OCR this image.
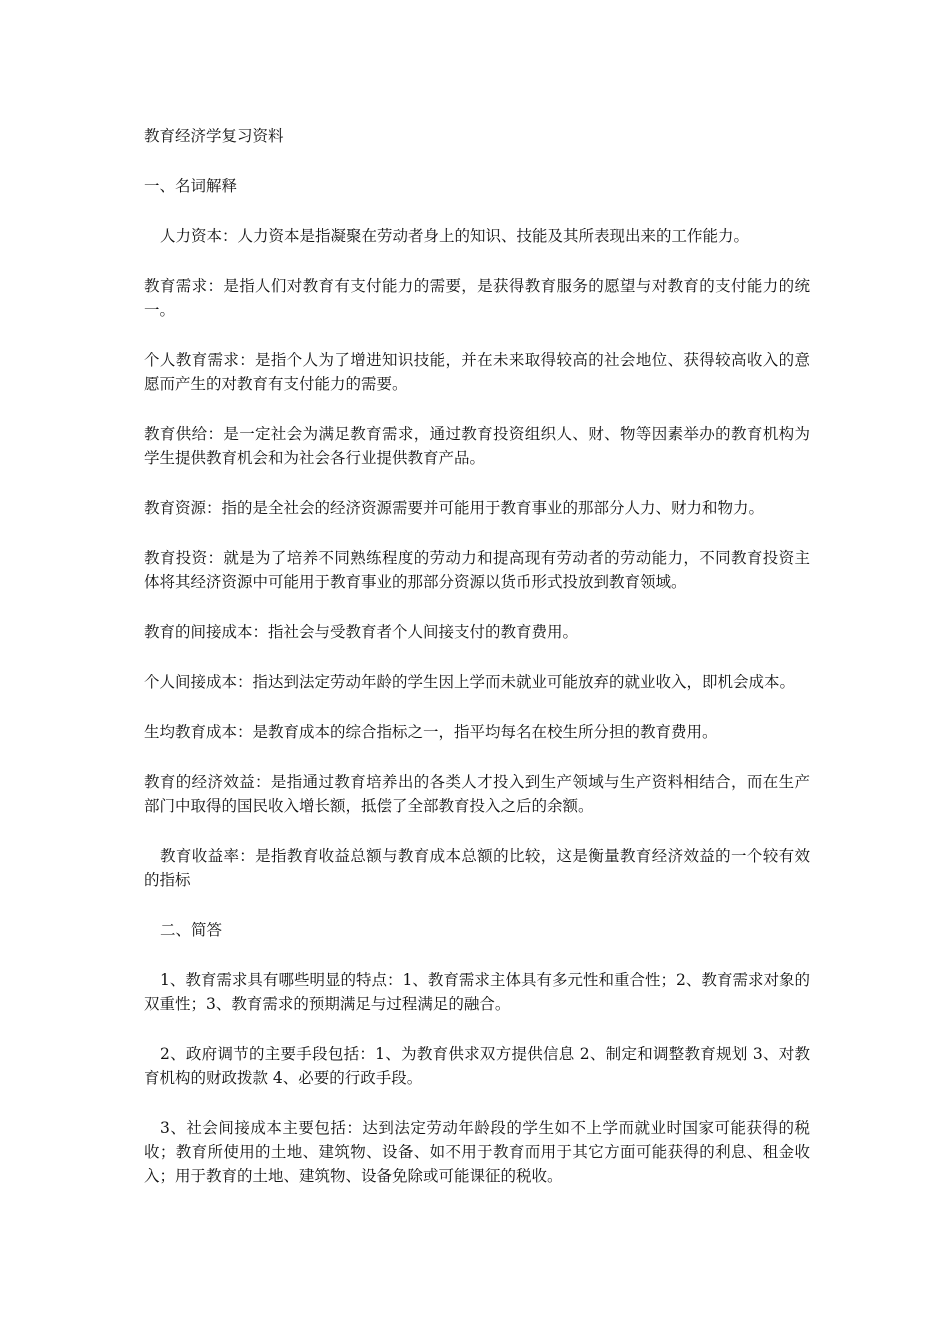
教育经济学复习资料

一、名词解释

人力资本：人力资本是指凝聚在劳动者身上的知识、技能及其所表现出来的工作能力。

教育需求：是指人们对教育有支付能力的需要，是获得教育服务的愿望与对教育的支付能力的统一。

个人教育需求：是指个人为了增进知识技能，并在未来取得较高的社会地位、获得较高收入的意愿而产生的对教育有支付能力的需要。

教育供给：是一定社会为满足教育需求，通过教育投资组织人、财、物等因素举办的教育机构为学生提供教育机会和为社会各行业提供教育产品。

教育资源：指的是全社会的经济资源需要并可能用于教育事业的那部分人力、财力和物力。

教育投资：就是为了培养不同熟练程度的劳动力和提高现有劳动者的劳动能力，不同教育投资主体将其经济资源中可能用于教育事业的那部分资源以货币形式投放到教育领域。

教育的间接成本：指社会与受教育者个人间接支付的教育费用。

个人间接成本：指达到法定劳动年龄的学生因上学而未就业可能放弃的就业收入，即机会成本。

生均教育成本：是教育成本的综合指标之一，指平均每名在校生所分担的教育费用。

教育的经济效益：是指通过教育培养出的各类人才投入到生产领域与生产资料相结合，而在生产部门中取得的国民收入增长额，抵偿了全部教育投入之后的余额。

教育收益率：是指教育收益总额与教育成本总额的比较，这是衡量教育经济效益的一个较有效的指标

二、简答

1、教育需求具有哪些明显的特点：1、教育需求主体具有多元性和重合性；2、教育需求对象的双重性；3、教育需求的预期满足与过程满足的融合。

2、政府调节的主要手段包括：1、为教育供求双方提供信息 2、制定和调整教育规划 3、对教育机构的财政拨款 4、必要的行政手段。

3、社会间接成本主要包括：达到法定劳动年龄段的学生如不上学而就业时国家可能获得的税收；教育所使用的土地、建筑物、设备、如不用于教育而用于其它方面可能获得的利息、租金收入；用于教育的土地、建筑物、设备免除或可能课征的税收。
